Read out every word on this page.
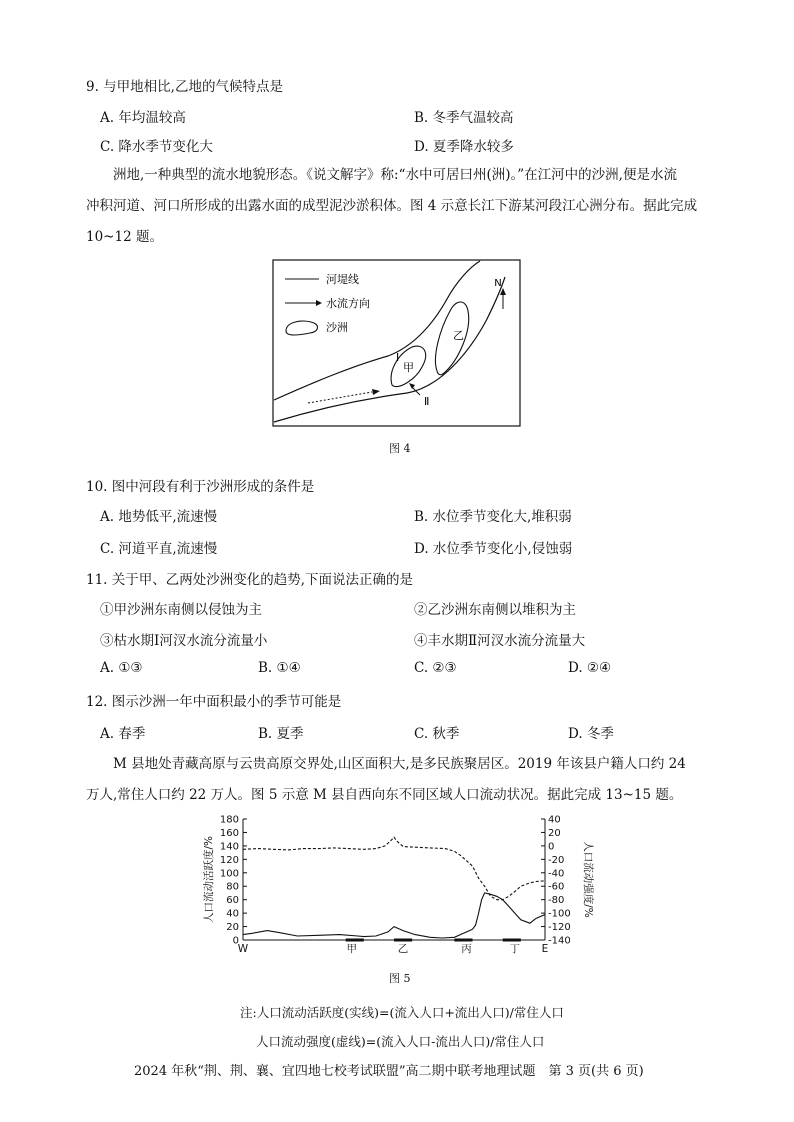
9. 与甲地相比,乙地的气候特点是
A. 年均温较高	B. 冬季气温较高
C. 降水季节变化大	D. 夏季降水较多
洲地,一种典型的流水地貌形态。《说文解字》称:“水中可居曰州(洲)。”在江河中的沙洲,便是水流
冲积河道、河口所形成的出露水面的成型泥沙淤积体。图 4 示意长江下游某河段江心洲分布。据此完成
10~12 题。
河堤线
水流方向
沙洲
N
甲
乙
Ⅰ
Ⅱ
图 4
10. 图中河段有利于沙洲形成的条件是
A. 地势低平,流速慢	B. 水位季节变化大,堆积弱
C. 河道平直,流速慢	D. 水位季节变化小,侵蚀弱
11. 关于甲、乙两处沙洲变化的趋势,下面说法正确的是
①甲沙洲东南侧以侵蚀为主	②乙沙洲东南侧以堆积为主
③枯水期Ⅰ河汊水流分流量小	④丰水期Ⅱ河汊水流分流量大
A. ①③	B. ①④	C. ②③	D. ②④
12. 图示沙洲一年中面积最小的季节可能是
A. 春季	B. 夏季	C. 秋季	D. 冬季
M 县地处青藏高原与云贵高原交界处,山区面积大,是多民族聚居区。2019 年该县户籍人口约 24
万人,常住人口约 22 万人。图 5 示意 M 县自西向东不同区域人口流动状况。据此完成 13~15 题。
0
20
40
60
80
100
120
140
160
180	40
20
0
-20
-40
-60
-80
-100
-120
-140
人口流动活跃度/%	人口流动强度/%
W	甲	乙	丙	丁 E
图 5
注:人口流动活跃度(实线)=(流入人口+流出人口)/常住人口
人口流动强度(虚线)=(流入人口-流出人口)/常住人口
2024 年秋“荆、荆、襄、宜四地七校考试联盟”高二期中联考地理试题　第 3 页(共 6 页)
